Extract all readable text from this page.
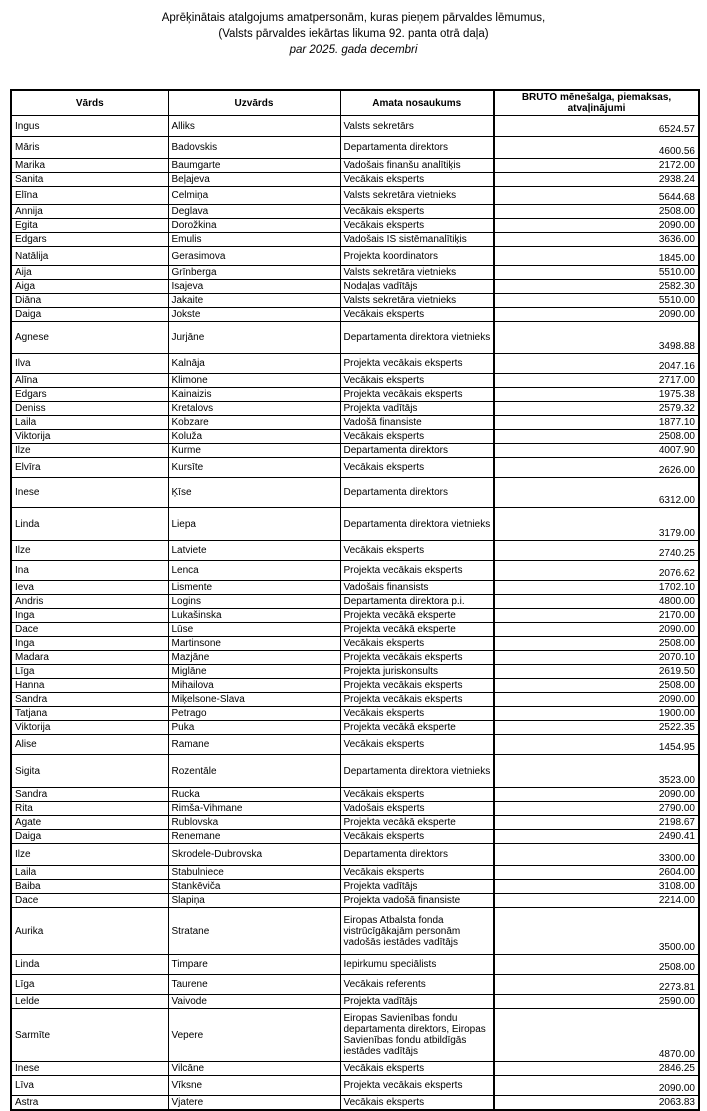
Aprēķinātais atalgojums amatpersonām, kuras pieņem pārvaldes lēmumus,
(Valsts pārvaldes iekārtas likuma 92. panta otrā daļa)
par 2025. gada decembri
Vārds	Uzvārds	Amata nosaukums	BRUTO mēnešalga, piemaksas, atvaļinājumi
Ingus	Alliks	Valsts sekretārs	6524.57
Māris	Badovskis	Departamenta direktors	4600.56
Marika	Baumgarte	Vadošais finanšu analītiķis	2172.00
Sanita	Beļajeva	Vecākais eksperts	2938.24
Elīna	Celmiņa	Valsts sekretāra vietnieks	5644.68
Annija	Deglava	Vecākais eksperts	2508.00
Egita	Dorožkina	Vecākais eksperts	2090.00
Edgars	Emulis	Vadošais IS sistēmanalītiķis	3636.00
Natālija	Gerasimova	Projekta koordinators	1845.00
Aija	Grīnberga	Valsts sekretāra vietnieks	5510.00
Aiga	Isajeva	Nodaļas vadītājs	2582.30
Diāna	Jakaite	Valsts sekretāra vietnieks	5510.00
Daiga	Jokste	Vecākais eksperts	2090.00
Agnese	Jurjāne	Departamenta direktora vietnieks	3498.88
Ilva	Kalnāja	Projekta vecākais eksperts	2047.16
Alīna	Klimone	Vecākais eksperts	2717.00
Edgars	Kainaizis	Projekta vecākais eksperts	1975.38
Deniss	Kretalovs	Projekta vadītājs	2579.32
Laila	Kobzare	Vadošā finansiste	1877.10
Viktorija	Koluža	Vecākais eksperts	2508.00
Ilze	Kurme	Departamenta direktors	4007.90
Elvīra	Kursīte	Vecākais eksperts	2626.00
Inese	Ķīse	Departamenta direktors	6312.00
Linda	Liepa	Departamenta direktora vietnieks	3179.00
Ilze	Latviete	Vecākais eksperts	2740.25
Ina	Lenca	Projekta vecākais eksperts	2076.62
Ieva	Lismente	Vadošais finansists	1702.10
Andris	Logins	Departamenta direktora p.i.	4800.00
Inga	Lukašinska	Projekta vecākā eksperte	2170.00
Dace	Lūse	Projekta vecākā eksperte	2090.00
Inga	Martinsone	Vecākais eksperts	2508.00
Madara	Mazjāne	Projekta vecākais eksperts	2070.10
Līga	Miglāne	Projekta juriskonsults	2619.50
Hanna	Mihailova	Projekta vecākais eksperts	2508.00
Sandra	Miķelsone-Slava	Projekta vecākais eksperts	2090.00
Tatjana	Petrago	Vecākais eksperts	1900.00
Viktorija	Puka	Projekta vecākā eksperte	2522.35
Alise	Ramane	Vecākais eksperts	1454.95
Sigita	Rozentāle	Departamenta direktora vietnieks	3523.00
Sandra	Rucka	Vecākais eksperts	2090.00
Rita	Rimša-Vihmane	Vadošais eksperts	2790.00
Agate	Rublovska	Projekta vecākā eksperte	2198.67
Daiga	Renemane	Vecākais eksperts	2490.41
Ilze	Skrodele-Dubrovska	Departamenta direktors	3300.00
Laila	Stabulniece	Vecākais eksperts	2604.00
Baiba	Stankēviča	Projekta vadītājs	3108.00
Dace	Slapiņa	Projekta vadošā finansiste	2214.00
Aurika	Stratane	Eiropas Atbalsta fonda vistrūcīgākajām personām vadošās iestādes vadītājs	3500.00
Linda	Timpare	Iepirkumu speciālists	2508.00
Līga	Taurene	Vecākais referents	2273.81
Lelde	Vaivode	Projekta vadītājs	2590.00
Sarmīte	Vepere	Eiropas Savienības fondu departamenta direktors, Eiropas Savienības fondu atbildīgās iestādes vadītājs	4870.00
Inese	Vilcāne	Vecākais eksperts	2846.25
Līva	Vīksne	Projekta vecākais eksperts	2090.00
Astra	Vjatere	Vecākais eksperts	2063.83
